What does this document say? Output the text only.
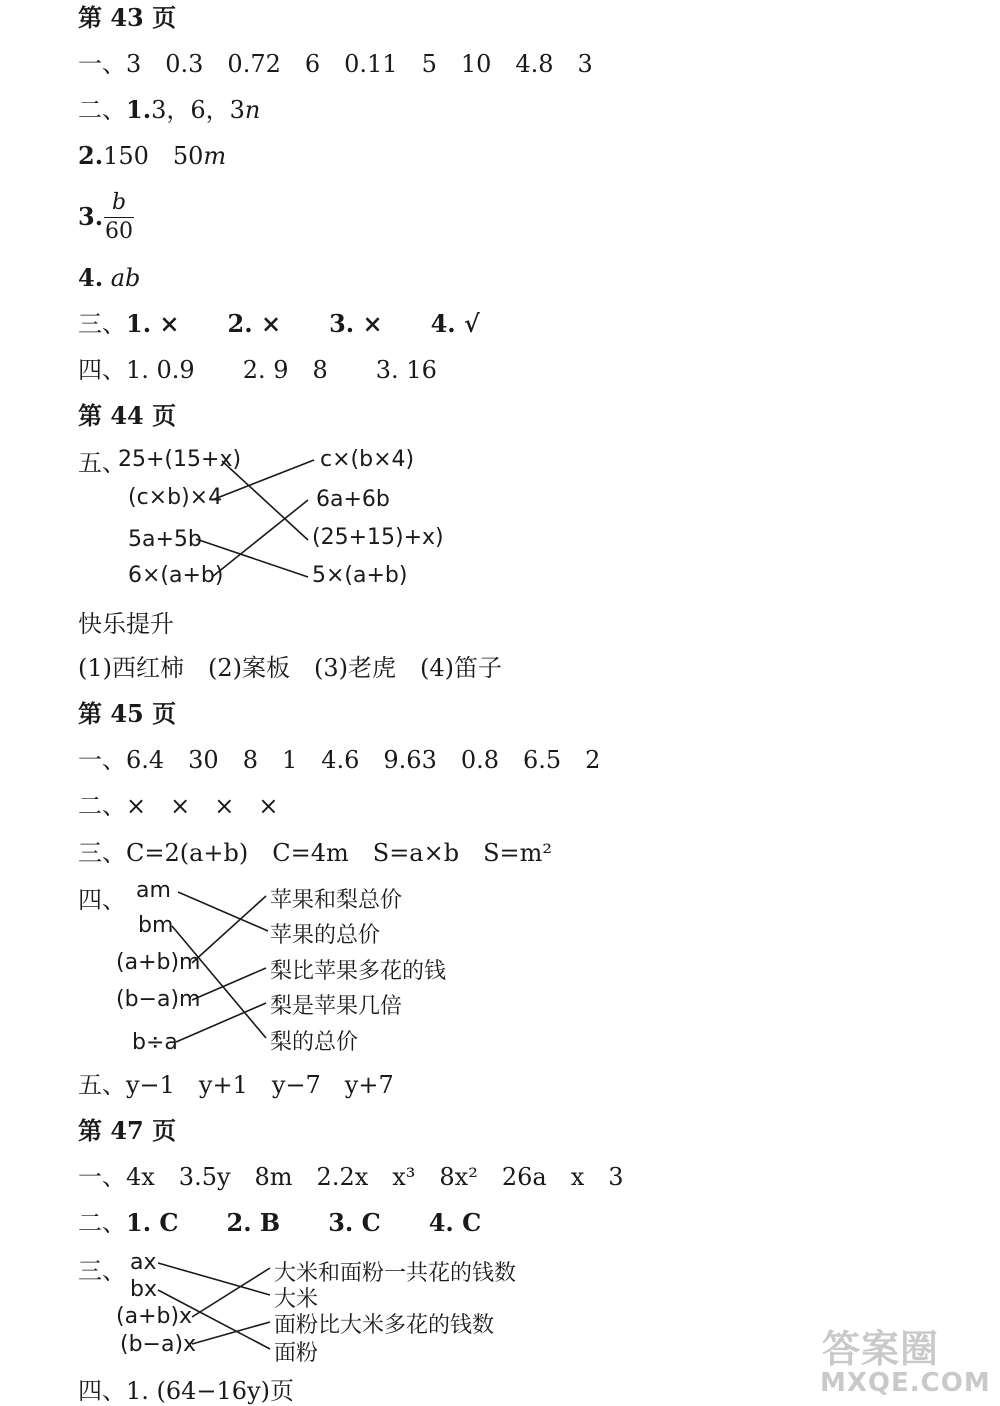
第 43 页
一、3　0.3　0.72　6　0.11　5　10　4.8　3
二、1.3，6，3n
2.150　50m
3. b
60
4. ab
三、1. ×　　 2. ×　　 3. ×　　 4. √
四、1. 0.9　　 2. 9　8　　 3. 16
第 44 页
五、
25+(15+x)
(c×b)×4
5a+5b
6×(a+b)
c×(b×4)
6a+6b
(25+15)+x)
5×(a+b)
快乐提升
(1)西红柿　(2)案板　(3)老虎　(4)笛子
第 45 页
一、6.4　30　8　1　4.6　9.63　0.8　6.5　2
二、×　×　×　×
三、C=2(a+b)　C=4m　S=a×b　S=m²
四、 am
bm
(a+b)m
(b−a)m
b÷a
苹果和梨总价
苹果的总价
梨比苹果多花的钱
梨是苹果几倍
梨的总价
五、y−1　y+1　y−7　y+7
第 47 页
一、4x　3.5y　8m　2.2x　x³　8x²　26a　x　3
二、1. C　　 2. B　　 3. C　　 4. C
三、 ax
bx
(a+b)x
(b−a)x
大米和面粉一共花的钱数
大米
面粉比大米多花的钱数
面粉
四、1. (64−16y)页
答案圈
MXQE.COM
